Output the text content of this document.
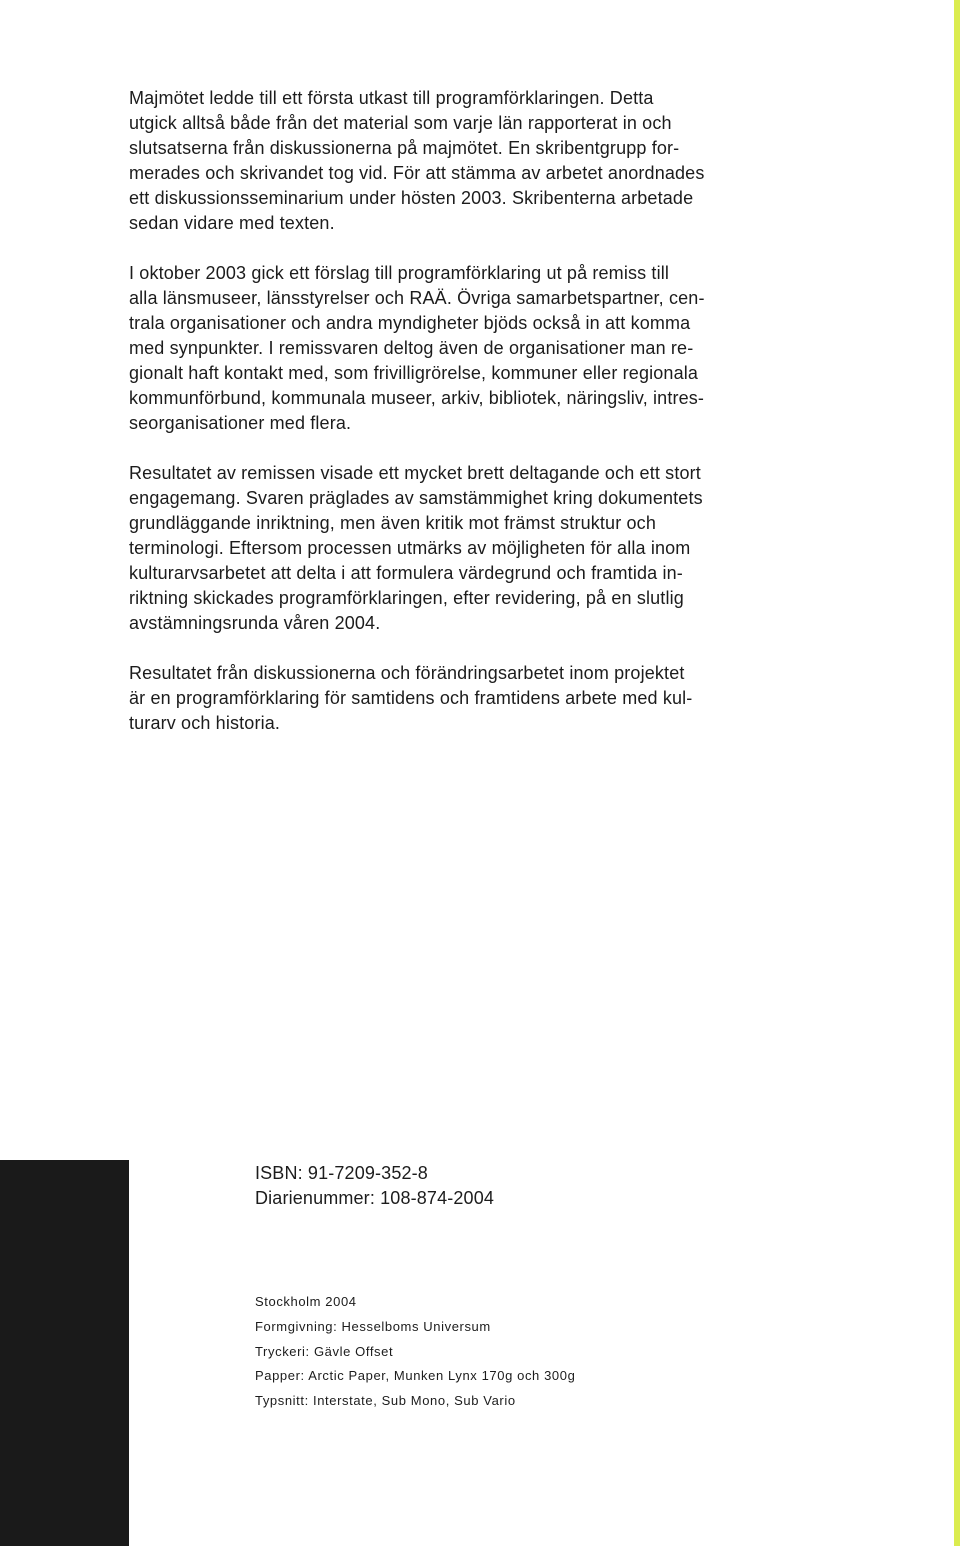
Majmötet ledde till ett första utkast till programförklaringen. Detta
utgick alltså både från det material som varje län rapporterat in och
slutsatserna från diskussionerna på majmötet. En skribentgrupp for-
merades och skrivandet tog vid. För att stämma av arbetet anordnades
ett diskussionsseminarium under hösten 2003. Skribenterna arbetade
sedan vidare med texten.
I oktober 2003 gick ett förslag till programförklaring ut på remiss till
alla länsmuseer, länsstyrelser och RAÄ. Övriga samarbetspartner, cen-
trala organisationer och andra myndigheter bjöds också in att komma
med synpunkter. I remissvaren deltog även de organisationer man re-
gionalt haft kontakt med, som frivilligrörelse, kommuner eller regionala
kommunförbund, kommunala museer, arkiv, bibliotek, näringsliv, intres-
seorganisationer med flera.
Resultatet av remissen visade ett mycket brett deltagande och ett stort
engagemang. Svaren präglades av samstämmighet kring dokumentets
grundläggande inriktning, men även kritik mot främst struktur och
terminologi. Eftersom processen utmärks av möjligheten för alla inom
kulturarvsarbetet att delta i att formulera värdegrund och framtida in-
riktning skickades programförklaringen, efter revidering, på en slutlig
avstämningsrunda våren 2004.
Resultatet från diskussionerna och förändringsarbetet inom projektet
är en programförklaring för samtidens och framtidens arbete med kul-
turarv och historia.
ISBN: 91-7209-352-8
Diarienummer: 108-874-2004
Stockholm 2004
Formgivning: Hesselboms Universum
Tryckeri: Gävle Offset
Papper: Arctic Paper, Munken Lynx 170g och 300g
Typsnitt: Interstate, Sub Mono, Sub Vario
